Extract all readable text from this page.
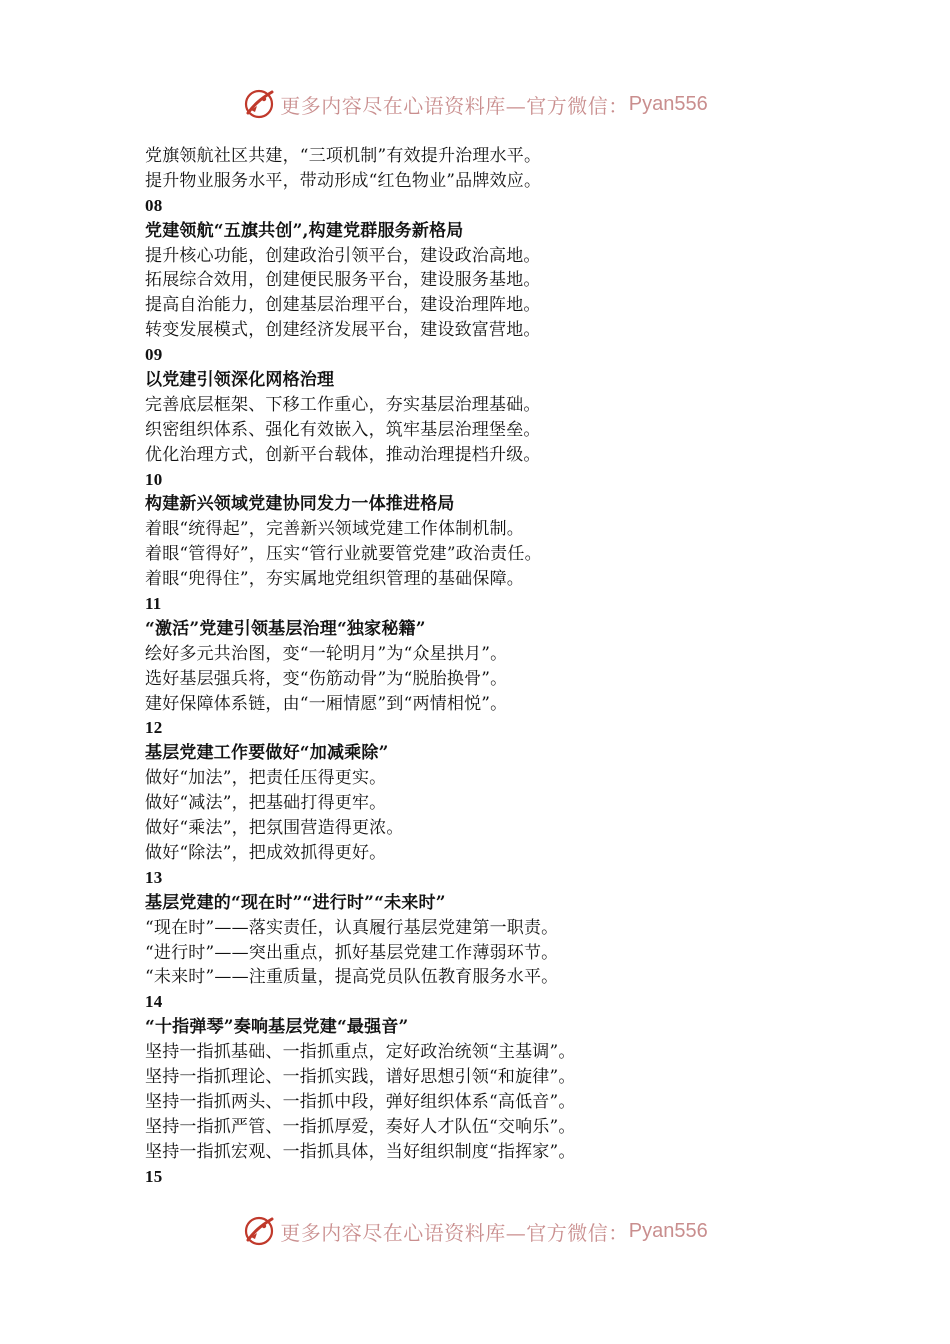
更多内容尽在心语资料库—官方微信： Pyan556
党旗领航社区共建，“三项机制”有效提升治理水平。
提升物业服务水平，带动形成“红色物业”品牌效应。
08
党建领航“五旗共创”,构建党群服务新格局
提升核心功能，创建政治引领平台，建设政治高地。
拓展综合效用，创建便民服务平台，建设服务基地。
提高自治能力，创建基层治理平台，建设治理阵地。
转变发展模式，创建经济发展平台，建设致富营地。
09
以党建引领深化网格治理
完善底层框架、下移工作重心，夯实基层治理基础。
织密组织体系、强化有效嵌入，筑牢基层治理堡垒。
优化治理方式，创新平台载体，推动治理提档升级。
10
构建新兴领域党建协同发力一体推进格局
着眼“统得起”，完善新兴领域党建工作体制机制。
着眼“管得好”，压实“管行业就要管党建”政治责任。
着眼“兜得住”，夯实属地党组织管理的基础保障。
11
“激活”党建引领基层治理“独家秘籍”
绘好多元共治图，变“一轮明月”为“众星拱月”。
选好基层强兵将，变“伤筋动骨”为“脱胎换骨”。
建好保障体系链，由“一厢情愿”到“两情相悦”。
12
基层党建工作要做好“加减乘除”
做好“加法”，把责任压得更实。
做好“减法”，把基础打得更牢。
做好“乘法”，把氛围营造得更浓。
做好“除法”，把成效抓得更好。
13
基层党建的“现在时”“进行时”“未来时”
“现在时”——落实责任，认真履行基层党建第一职责。
“进行时”——突出重点，抓好基层党建工作薄弱环节。
“未来时”——注重质量，提高党员队伍教育服务水平。
14
“十指弹琴”奏响基层党建“最强音”
坚持一指抓基础、一指抓重点，定好政治统领“主基调”。
坚持一指抓理论、一指抓实践，谱好思想引领“和旋律”。
坚持一指抓两头、一指抓中段，弹好组织体系“高低音”。
坚持一指抓严管、一指抓厚爱，奏好人才队伍“交响乐”。
坚持一指抓宏观、一指抓具体，当好组织制度“指挥家”。
15
更多内容尽在心语资料库—官方微信： Pyan556
